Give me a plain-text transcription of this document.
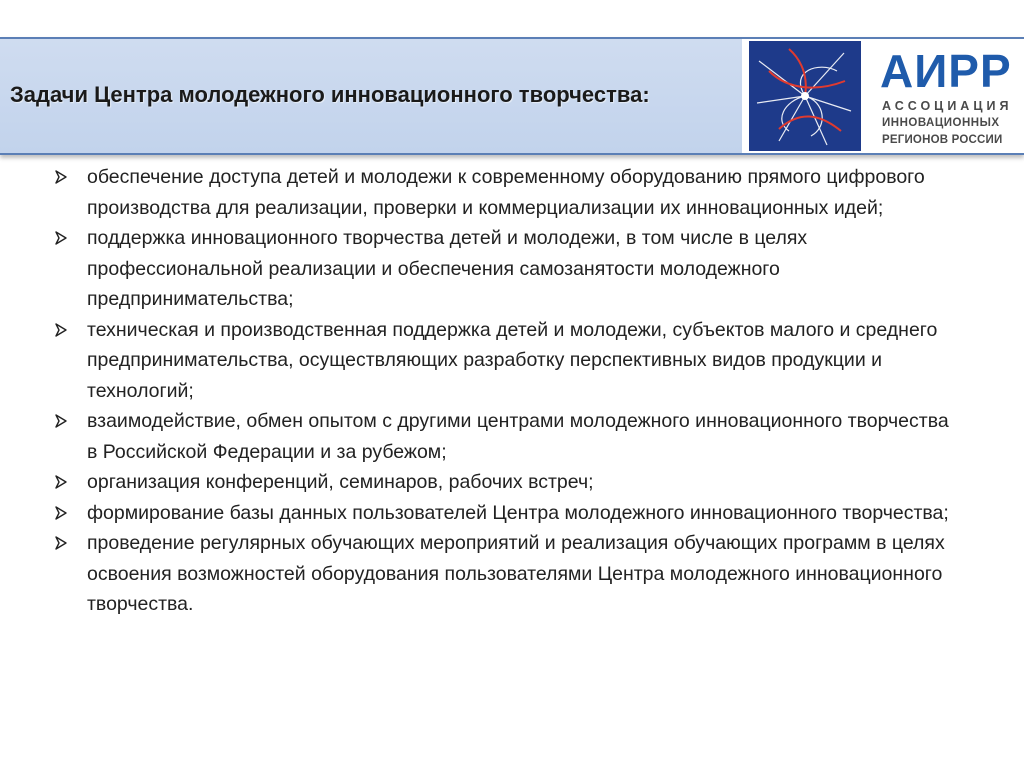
Задачи Центра молодежного инновационного творчества:	АИРР
АССОЦИАЦИЯ
ИННОВАЦИОННЫХ
РЕГИОНОВ РОССИИ
обеспечение доступа детей и молодежи к современному оборудованию прямого цифрового производства для реализации, проверки и коммерциализации их инновационных идей;
поддержка инновационного творчества детей и молодежи, в том числе в целях профессиональной реализации и обеспечения самозанятости молодежного предпринимательства;
техническая и производственная поддержка детей и молодежи, субъектов малого и среднего предпринимательства, осуществляющих разработку перспективных видов продукции и технологий;
взаимодействие, обмен опытом с другими центрами молодежного инновационного творчества в Российской Федерации и за рубежом;
организация конференций, семинаров, рабочих встреч;
формирование базы данных пользователей Центра молодежного инновационного творчества;
проведение регулярных обучающих мероприятий и реализация обучающих программ в целях освоения возможностей оборудования пользователями Центра молодежного инновационного творчества.
